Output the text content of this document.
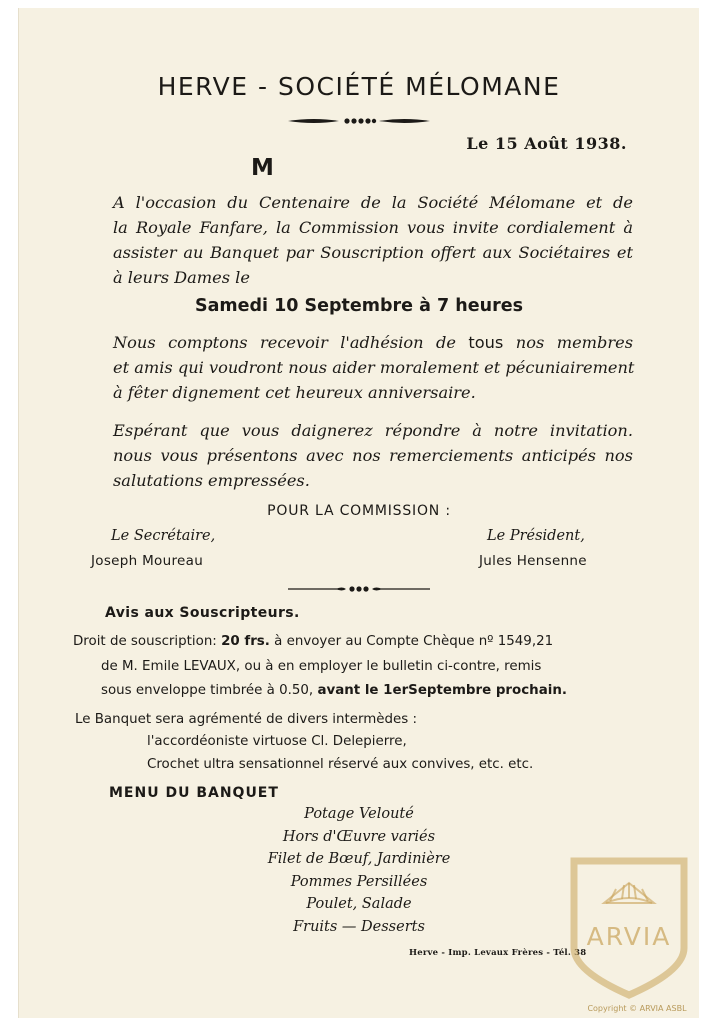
HERVE - SOCIÉTÉ MÉLOMANE
Le 15 Août 1938.
M
A l'occasion du Centenaire de la Société Mélomane et de
la Royale Fanfare, la Commission vous invite cordialement à
assister au Banquet par Souscription offert aux Sociétaires et
à leurs Dames le
Samedi 10 Septembre à 7 heures
Nous comptons recevoir l'adhésion de tous nos membres
et amis qui voudront nous aider moralement et pécuniairement
à fêter dignement cet heureux anniversaire.
Espérant que vous daignerez répondre à notre invitation.
nous vous présentons avec nos remerciements anticipés nos
salutations empressées.
POUR LA COMMISSION :
Le Secrétaire,
Joseph Moureau
Le Président,
Jules Hensenne
Avis aux Souscripteurs.
Droit de souscription: 20 frs. à envoyer au Compte Chèque nº 1549,21
de M. Emile LEVAUX, ou à en employer le bulletin ci-contre, remis
sous enveloppe timbrée à 0.50, avant le 1erSeptembre prochain.
Le Banquet sera agrémenté de divers intermèdes :
l'accordéoniste virtuose Cl. Delepierre,
Crochet ultra sensationnel réservé aux convives, etc. etc.
MENU DU BANQUET
Potage Velouté
Hors d'Œuvre variés
Filet de Bœuf, Jardinière
Pommes Persillées
Poulet, Salade
Fruits — Desserts
Herve - Imp. Levaux Frères - Tél. 38
ARVIA
Copyright © ARVIA ASBL
